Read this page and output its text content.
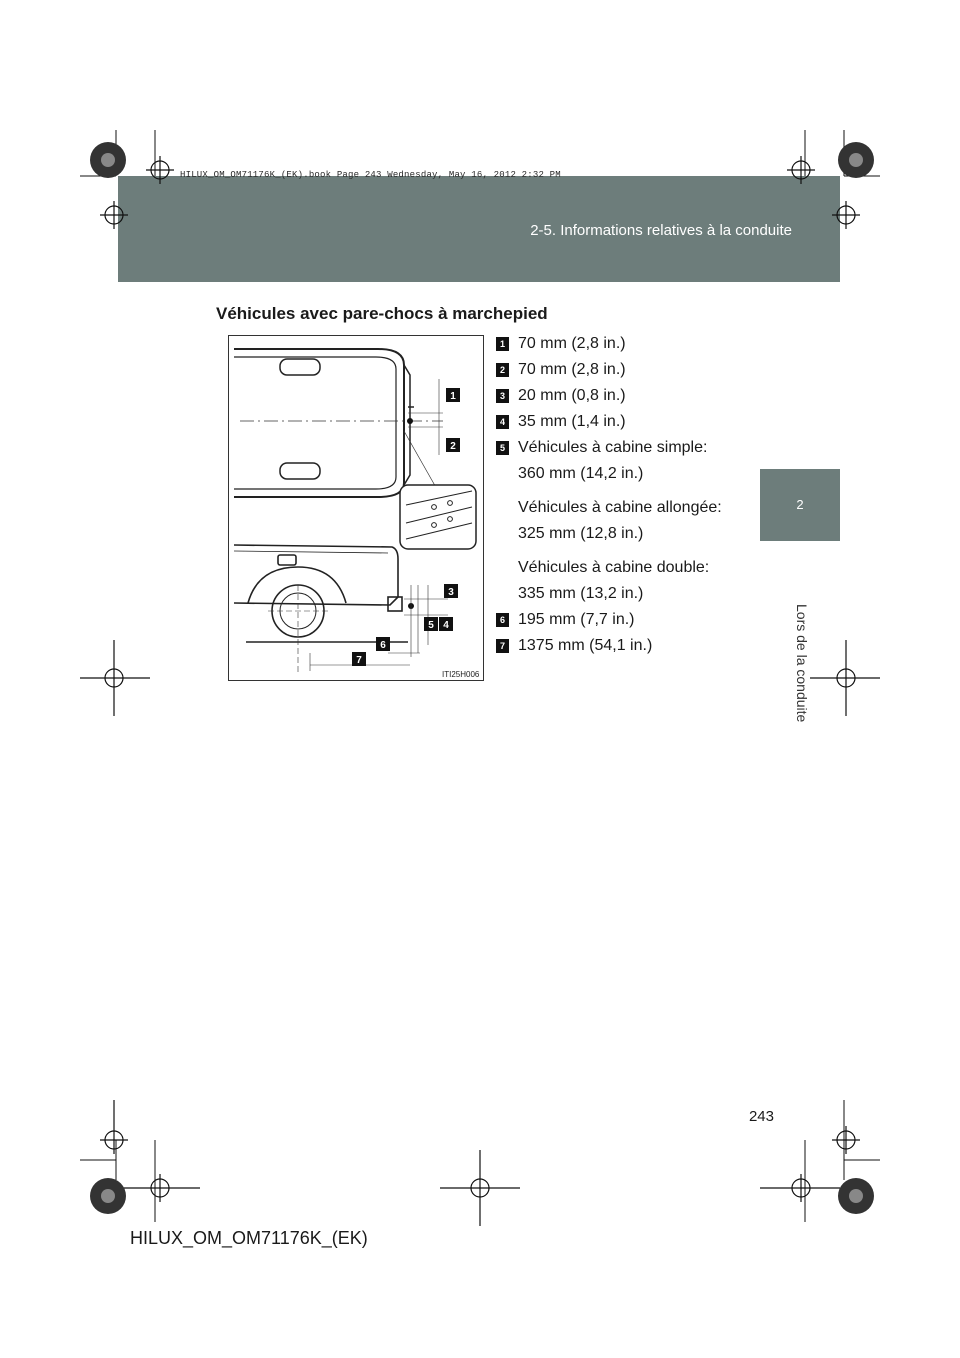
HILUX_OM_OM71176K_(EK).book Page 243 Wednesday, May 16, 2012 2:32 PM
2-5. Informations relatives à la conduite
2
Lors de la conduite
Véhicules avec pare-chocs à marchepied
1
2
3
5 4
6
7
ITI25H006
1 70 mm (2,8 in.)
2 70 mm (2,8 in.)
3 20 mm (0,8 in.)
4 35 mm (1,4 in.)
5 Véhicules à cabine simple:
360 mm (14,2 in.)
Véhicules à cabine allongée:
325 mm (12,8 in.)
Véhicules à cabine double:
335 mm (13,2 in.)
6 195 mm (7,7 in.)
7 1375 mm (54,1 in.)
243
HILUX_OM_OM71176K_(EK)
